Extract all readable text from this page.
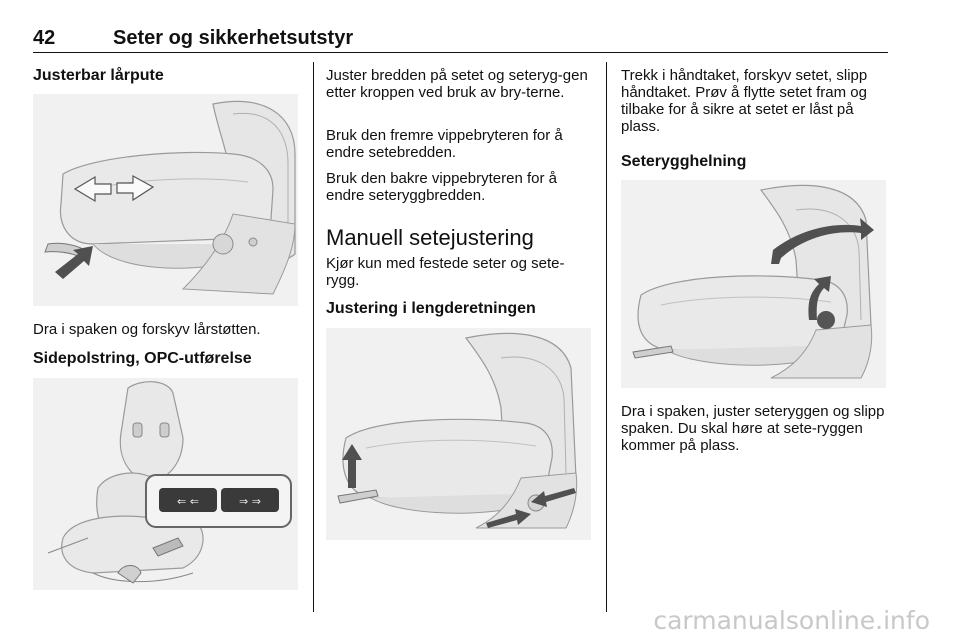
42	Seter og sikkerhetsutstyr
Justerbar lårpute
Dra i spaken og forskyv lårstøtten.
Sidepolstring, OPC-utførelse
⇐ ⇐	⇒ ⇒
Juster bredden på setet og seteryg-gen etter kroppen ved bruk av bry-terne.
Bruk den fremre vippebryteren for å endre setebredden.
Bruk den bakre vippebryteren for å endre seteryggbredden.
Manuell setejustering
Kjør kun med festede seter og sete-rygg.
Justering i lengderetningen
Trekk i håndtaket, forskyv setet, slipp håndtaket. Prøv å flytte setet fram og tilbake for å sikre at setet er låst på plass.
Seterygghelning
Dra i spaken, juster seteryggen og slipp spaken. Du skal høre at sete-ryggen kommer på plass.
carmanualsonline.info
